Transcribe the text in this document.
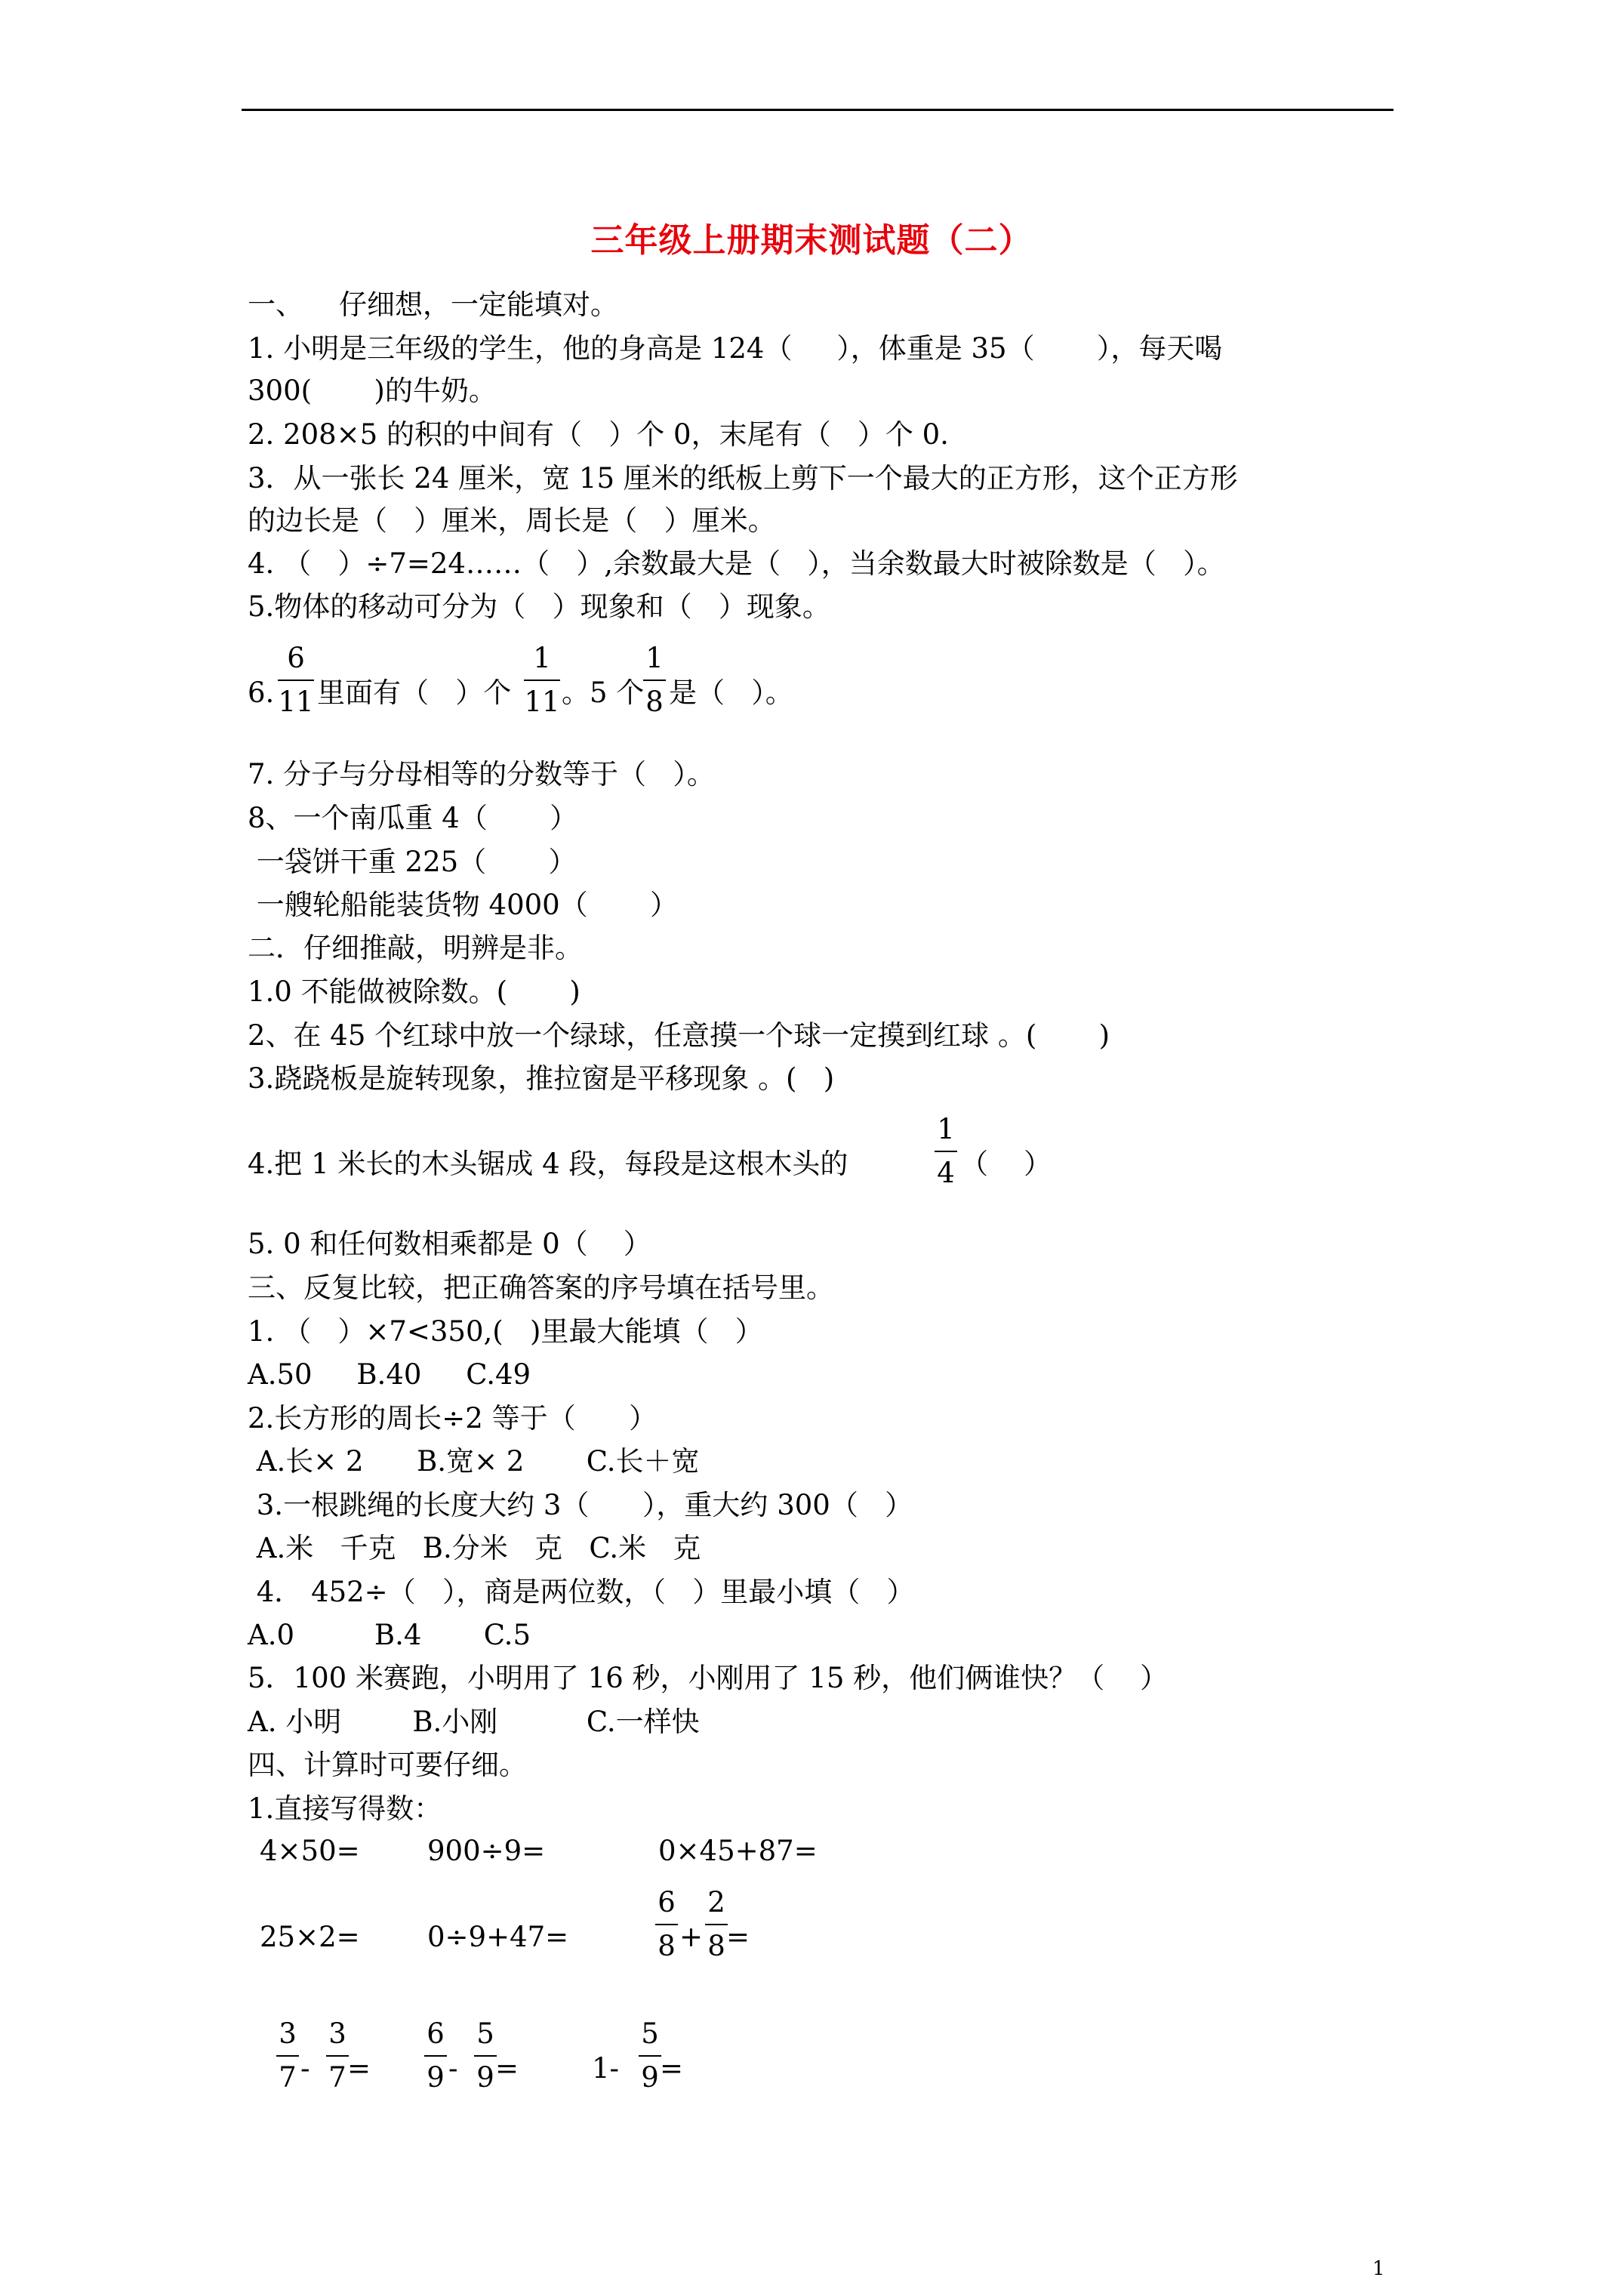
三年级上册期末测试题（二）
一、    仔细想，一定能填对。
1. 小明是三年级的学生，他的身高是 124（     ），体重是 35（       ），每天喝
300(       )的牛奶。
2. 208×5 的积的中间有（   ）个 0，末尾有（   ）个 0.
3．从一张长 24 厘米，宽 15 厘米的纸板上剪下一个最大的正方形，这个正方形
的边长是（   ）厘米，周长是（   ）厘米。
4. （   ）÷7=24……（   ）,余数最大是（   ），当余数最大时被除数是（   ）。
5.物体的移动可分为（   ）现象和（   ）现象。
6.
6
11 里面有（   ）个
1
11 。5 个
1
8 是（   ）。
7. 分子与分母相等的分数等于（   ）。
8、一个南瓜重 4（       ）
一袋饼干重 225（       ）
一艘轮船能装货物 4000（       ）
二．仔细推敲，明辨是非。
1.0 不能做被除数。(       )
2、在 45 个红球中放一个绿球，任意摸一个球一定摸到红球 。(       )
3.跷跷板是旋转现象，推拉窗是平移现象 。(   )
4.把 1 米长的木头锯成 4 段，每段是这根木头的
1
4 （    ）
5. 0 和任何数相乘都是 0（    ）
三、反复比较，把正确答案的序号填在括号里。
1. （   ）×7<350,(   )里最大能填（   ）
A.50     B.40     C.49
2.长方形的周长÷2 等于（      ）
A.长× 2      B.宽× 2       C.长＋宽
3.一根跳绳的长度大约 3（      ），重大约 300（   ）
A.米   千克   B.分米   克   C.米   克
4． 452÷（   ），商是两位数，（   ）里最小填（   ）
A.0         B.4       C.5
5．100 米赛跑，小明用了 16 秒，小刚用了 15 秒，他们俩谁快？（    ）
A. 小明        B.小刚          C.一样快
四、计算时可要仔细。
1.直接写得数：
4×50= 900÷9=	0×45+87=
25×2= 0÷9+47=
6
8 +
2
8 =
3
7 -
3
7 =
6
9 -
5
9 =	1-
5
9 =
1
